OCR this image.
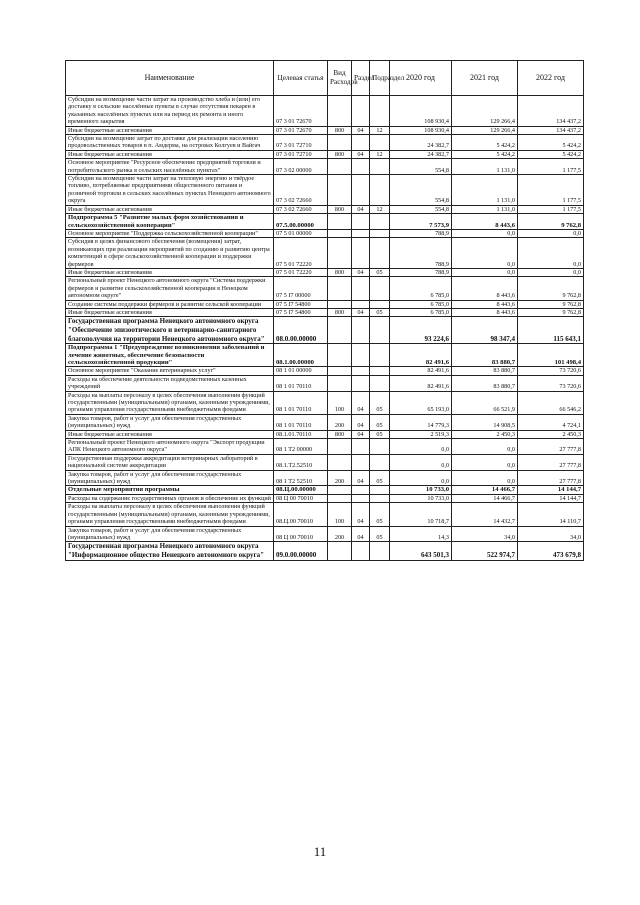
Наименование	Целевая статья	Вид Расходов	Раздел	Подраздел	2020 год	2021 год	2022 год
Субсидии на возмещение части затрат на производство хлеба и (или) его доставку в сельские населённые пункты в случае отсутствия пекарен в указанных населённых пунктах или на период их ремонта и иного временного закрытия	07 3 01 72670				108 930,4	129 266,4	134 437,2
Иные бюджетные ассигнования	07 3 01 72670	800	04	12	108 930,4	129 266,4	134 437,2
Субсидии на возмещение затрат по доставке для реализации населению продовольственных товаров в п. Амдерма, на островах Колгуев и Вайгач	07 3 01 72710				24 382,7	5 424,2	5 424,2
Иные бюджетные ассигнования	07 3 01 72710	800	04	12	24 382,7	5 424,2	5 424,2
Основное мероприятие "Ресурсное обеспечение предприятий торговли и потребительского рынка в сельских населённых пунктах"	07 3 02 00000				554,8	1 131,0	1 177,5
Субсидии на возмещение части затрат на тепловую энергию и твёрдое топливо, потребляемые предприятиями общественного питания и розничной торговли в сельских населённых пунктах Ненецкого автономного округа	07 3 02 72660				554,8	1 131,0	1 177,5
Иные бюджетные ассигнования	07 3 02 72660	800	04	12	554,8	1 131,0	1 177,5
Подпрограмма 5 "Развитие малых форм хозяйствования и сельскохозяйственной кооперации"	07.5.00.00000				7 573,9	8 443,6	9 762,8
Основное мероприятие "Поддержка сельскохозяйственной кооперации"	07 5 01 00000				788,9	0,0	0,0
Субсидия в целях финансового обеспечения (возмещения) затрат, возникающих при реализации мероприятий по созданию и развитию центра компетенций в сфере сельскохозяйственной кооперации и поддержки фермеров	07 5 01 72220				788,9	0,0	0,0
Иные бюджетные ассигнования	07 5 01 72220	800	04	05	788,9	0,0	0,0
Региональный проект Ненецкого автономного округа "Система поддержки фермеров и развитие сельскохозяйственной кооперации в Ненецком автономном округе"	07 5 I7 00000				6 785,0	8 443,6	9 762,8
Создание системы поддержки фермеров и развитие сельской кооперации	07 5 I7 54800				6 785,0	8 443,6	9 762,8
Иные бюджетные ассигнования	07 5 I7 54800	800	04	05	6 785,0	8 443,6	9 762,8
Государственная программа Ненецкого автономного округа "Обеспечение эпизоотического и ветеринарно-санитарного благополучия на территории Ненецкого автономного округа"	08.0.00.00000				93 224,6	98 347,4	115 643,1
Подпрограмма 1 "Предупреждение возникновения заболеваний и лечение животных, обеспечение безопасности сельскохозяйственной продукции"	08.1.00.00000				82 491,6	83 880,7	101 498,4
Основное мероприятие "Оказание ветеринарных услуг"	08 1 01 00000				82 491,6	83 880,7	73 720,6
Расходы на обеспечение деятельности подведомственных казенных учреждений	08 1 01 70110				82 491,6	83 880,7	73 720,6
Расходы на выплаты персоналу в целях обеспечения выполнения функций государственными (муниципальными) органами, казенными учреждениями, органами управления государственными внебюджетными фондами	08 1 01 70110	100	04	05	65 193,0	66 521,9	66 546,2
Закупка товаров, работ и услуг для обеспечения государственных (муниципальных) нужд	08 1 01 70110	200	04	05	14 779,3	14 908,5	4 724,1
Иные бюджетные ассигнования	08.1.01.70110	800	04	05	2 519,3	2 450,3	2 450,3
Региональный проект Ненецкого автономного округа "Экспорт продукции АПК Ненецкого автономного округа"	08 1 T2 00000				0,0	0,0	27 777,8
Государственная поддержка аккредитации ветеринарных лабораторий в национальной системе аккредитации	08.1.T2.52510				0,0	0,0	27 777,8
Закупка товаров, работ и услуг для обеспечения государственных (муниципальных) нужд	08 1 T2 52510	200	04	05	0,0	0,0	27 777,8
Отдельные мероприятия программы	08.Ц.00.00000				10 733,0	14 466,7	14 144,7
Расходы на содержание государственных органов и обеспечение их функций	08 Ц 00 70010				10 733,0	14 466,7	14 144,7
Расходы на выплаты персоналу в целях обеспечения выполнения функций государственными (муниципальными) органами, казенными учреждениями, органами управления государственными внебюджетными фондами	08.Ц.00 70010	100	04	05	10 718,7	14 432,7	14 110,7
Закупка товаров, работ и услуг для обеспечения государственных (муниципальных) нужд	08 Ц 00 70010	200	04	05	14,3	34,0	34,0
Государственная программа Ненецкого автономного округа "Информационное общество Ненецкого автономного округа"	09.0.00.00000				643 501,3	522 974,7	473 679,8
11
